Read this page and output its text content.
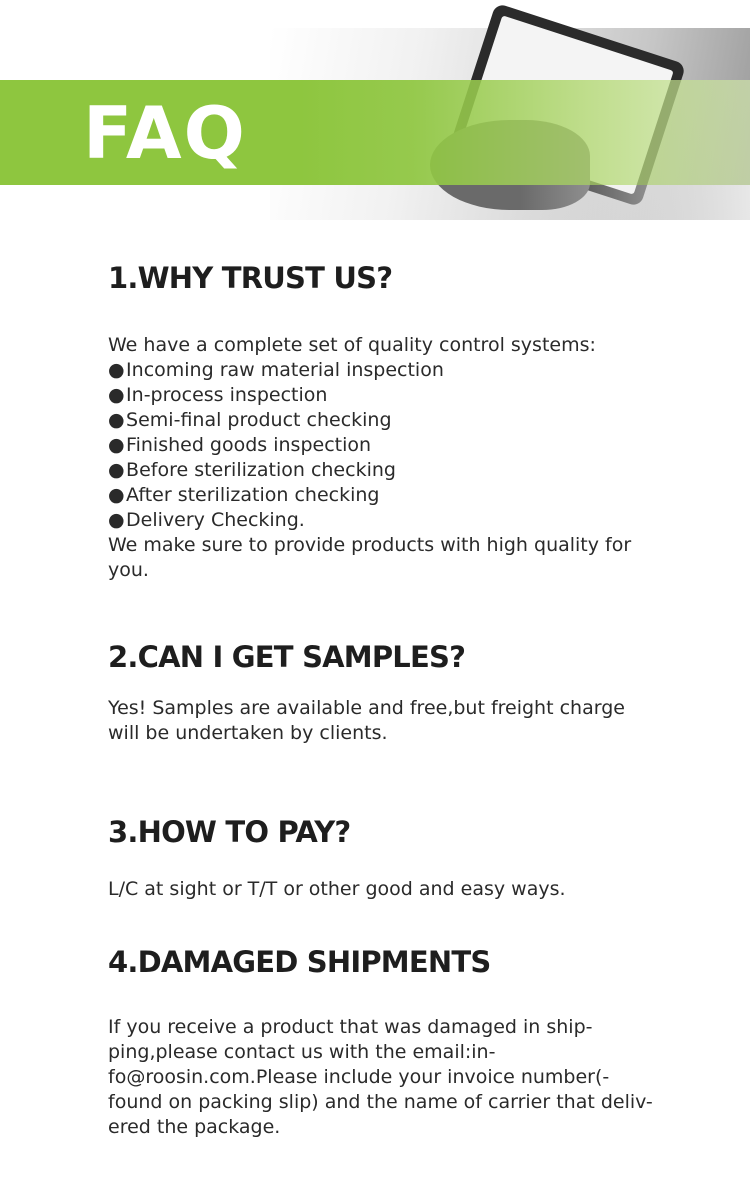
FAQ
1.WHY TRUST US?
We have a complete set of quality control systems:
● Incoming raw material inspection
● In-process inspection
● Semi-final product checking
● Finished goods inspection
● Before sterilization checking
● After sterilization checking
● Delivery Checking.
We make sure to provide products with high quality for
you.
2.CAN I GET SAMPLES?
Yes! Samples are available and free,but freight charge
will be undertaken by clients.
3.HOW TO PAY?
L/C at sight or T/T or other good and easy ways.
4.DAMAGED SHIPMENTS
If you receive a product that was damaged in ship-
ping,please contact us with the email:in-
fo@roosin.com.Please include your invoice number(-
found on packing slip) and the name of carrier that deliv-
ered the package.
